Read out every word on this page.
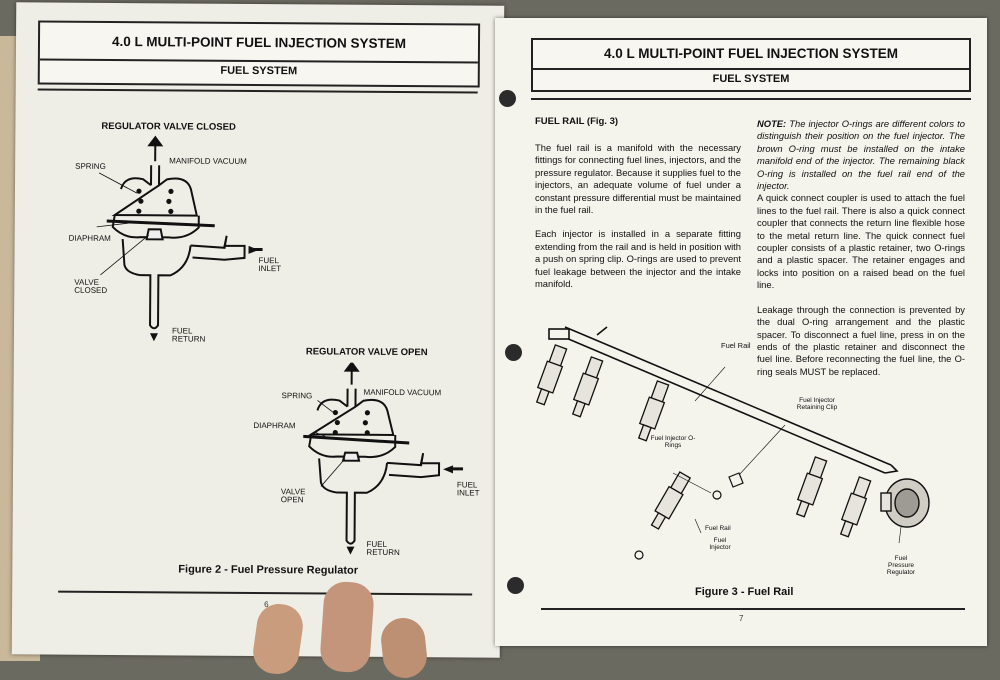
4.0 L MULTI-POINT FUEL INJECTION SYSTEM
FUEL SYSTEM
REGULATOR VALVE CLOSED
SPRING
MANIFOLD VACUUM
DIAPHRAM
VALVE CLOSED
FUEL INLET
FUEL RETURN
REGULATOR VALVE OPEN
SPRING	MANIFOLD VACUUM
DIAPHRAM
VALVE OPEN
FUEL INLET
FUEL RETURN
Figure 2 - Fuel Pressure Regulator
6
4.0 L MULTI-POINT FUEL INJECTION SYSTEM
FUEL SYSTEM
FUEL RAIL (Fig. 3)

The fuel rail is a manifold with the necessary fittings for connecting fuel lines, injectors, and the pressure regulator. Because it supplies fuel to the injectors, an adequate volume of fuel under a constant pressure differential must be maintained in the fuel rail.

Each injector is installed in a separate fitting extending from the rail and is held in position with a push on spring clip. O-rings are used to prevent fuel leakage between the injector and the intake manifold.

NOTE: The injector O-rings are different colors to distinguish their position on the fuel injector. The brown O-ring must be installed on the intake manifold end of the injector. The remaining black O-ring is installed on the fuel rail end of the injector.

A quick connect coupler is used to attach the fuel lines to the fuel rail. There is also a quick connect coupler that connects the return line flexible hose to the metal return line. The quick connect fuel coupler consists of a plastic retainer, two O-rings and a plastic spacer. The retainer engages and locks into position on a raised bead on the fuel line.

Leakage through the connection is prevented by the dual O-ring arrangement and the plastic spacer. To disconnect a fuel line, press in on the ends of the plastic retainer and disconnect the fuel line. Before reconnecting the fuel line, the O-ring seals MUST be replaced.

Fuel Rail
Fuel Injector Retaining Clip
Fuel Injector O-Rings
Fuel Rail
Fuel Injector
Fuel Pressure Regulator
Figure 3 - Fuel Rail
7
